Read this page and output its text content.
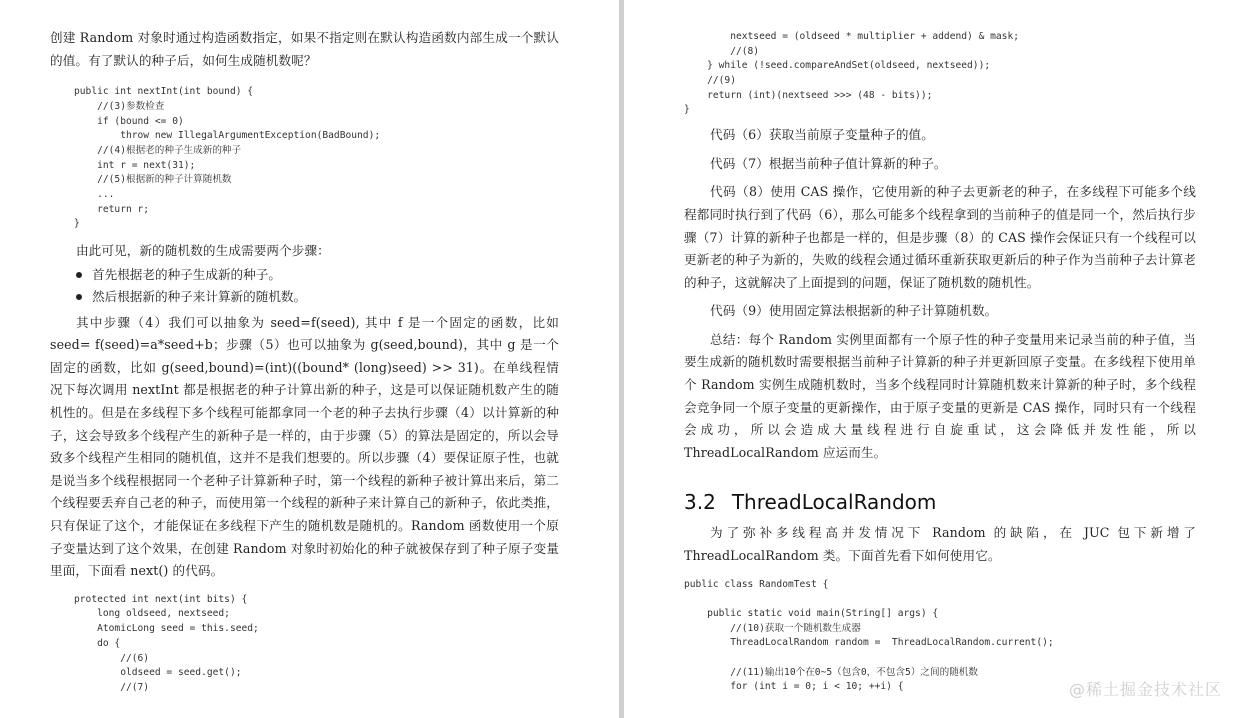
创建 Random 对象时通过构造函数指定，如果不指定则在默认构造函数内部生成一个默认的值。有了默认的种子后，如何生成随机数呢？

public int nextInt(int bound) {
//(3)参数检查
if (bound <= 0)
throw new IllegalArgumentException(BadBound);
//(4)根据老的种子生成新的种子
int r = next(31);
//(5)根据新的种子计算随机数
...
return r;
}

由此可见，新的随机数的生成需要两个步骤：

首先根据老的种子生成新的种子。
然后根据新的种子来计算新的随机数。

其中步骤（4）我们可以抽象为 seed=f(seed), 其中 f 是一个固定的函数，比如 seed= f(seed)=a*seed+b；步骤（5）也可以抽象为 g(seed,bound)，其中 g 是一个固定的函数，比如 g(seed,bound)=(int)((bound* (long)seed) >> 31)。在单线程情况下每次调用 nextInt 都是根据老的种子计算出新的种子，这是可以保证随机数产生的随机性的。但是在多线程下多个线程可能都拿同一个老的种子去执行步骤（4）以计算新的种子，这会导致多个线程产生的新种子是一样的，由于步骤（5）的算法是固定的，所以会导致多个线程产生相同的随机值，这并不是我们想要的。所以步骤（4）要保证原子性，也就是说当多个线程根据同一个老种子计算新种子时，第一个线程的新种子被计算出来后，第二个线程要丢弃自己老的种子，而使用第一个线程的新种子来计算自己的新种子，依此类推，只有保证了这个，才能保证在多线程下产生的随机数是随机的。Random 函数使用一个原子变量达到了这个效果，在创建 Random 对象时初始化的种子就被保存到了种子原子变量里面，下面看 next() 的代码。

protected int next(int bits) {
long oldseed, nextseed;
AtomicLong seed = this.seed;
do {
//(6)
oldseed = seed.get();
//(7)
nextseed = (oldseed * multiplier + addend) & mask;
//(8)
} while (!seed.compareAndSet(oldseed, nextseed));
//(9)
return (int)(nextseed >>> (48 - bits));
}

代码（6）获取当前原子变量种子的值。

代码（7）根据当前种子值计算新的种子。

代码（8）使用 CAS 操作，它使用新的种子去更新老的种子，在多线程下可能多个线程都同时执行到了代码（6），那么可能多个线程拿到的当前种子的值是同一个，然后执行步骤（7）计算的新种子也都是一样的，但是步骤（8）的 CAS 操作会保证只有一个线程可以更新老的种子为新的，失败的线程会通过循环重新获取更新后的种子作为当前种子去计算老的种子，这就解决了上面提到的问题，保证了随机数的随机性。

代码（9）使用固定算法根据新的种子计算随机数。

总结：每个 Random 实例里面都有一个原子性的种子变量用来记录当前的种子值，当要生成新的随机数时需要根据当前种子计算新的种子并更新回原子变量。在多线程下使用单个 Random 实例生成随机数时，当多个线程同时计算随机数来计算新的种子时，多个线程会竞争同一个原子变量的更新操作，由于原子变量的更新是 CAS 操作，同时只有一个线程会成功，所以会造成大量线程进行自旋重试，这会降低并发性能，所以 ThreadLocalRandom 应运而生。

3.2 ThreadLocalRandom

为了弥补多线程高并发情况下 Random 的缺陷，在 JUC 包下新增了 ThreadLocalRandom 类。下面首先看下如何使用它。

public class RandomTest {
public static void main(String[] args) {
//(10)获取一个随机数生成器
ThreadLocalRandom random =  ThreadLocalRandom.current();
//(11)输出10个在0~5（包含0，不包含5）之间的随机数
for (int i = 0; i < 10; ++i) {	@稀土掘金技术社区
